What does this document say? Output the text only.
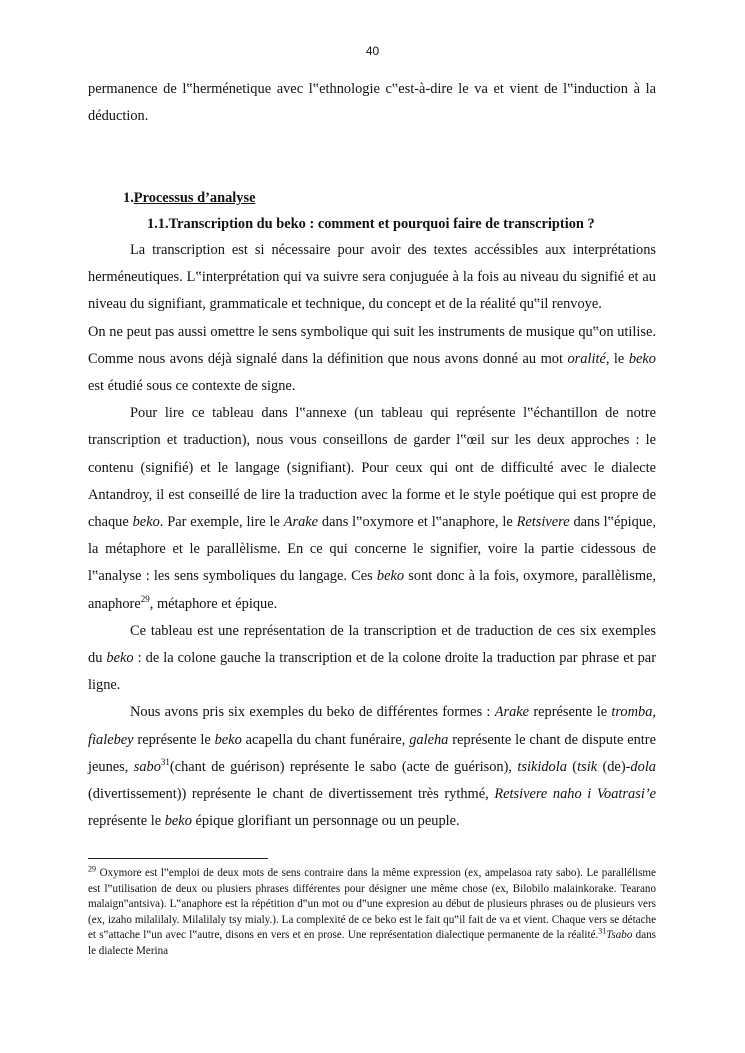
40

permanence de l‟herménetique avec l‟ethnologie c‟est-à-dire le va et vient de l‟induction à la déduction.

1.Processus d’analyse

1.1.Transcription du beko : comment et pourquoi faire de transcription ?

La transcription est si nécessaire pour avoir des textes accéssibles aux interprétations herméneutiques. L‟interprétation qui va suivre sera conjuguée à la fois au niveau du signifié et au niveau du signifiant, grammaticale et technique, du concept et de la réalité qu‟il renvoye.

On ne peut pas aussi omettre le sens symbolique qui suit les instruments de musique qu‟on utilise. Comme nous avons déjà signalé dans la définition que nous avons donné au mot oralité, le beko est étudié sous ce contexte de signe.

Pour lire ce tableau dans l‟annexe (un tableau qui représente l‟échantillon de notre transcription et traduction), nous vous conseillons de garder l‟œil sur les deux approches : le contenu (signifié) et le langage (signifiant). Pour ceux qui ont de difficulté avec le dialecte Antandroy, il est conseillé de lire la traduction avec la forme et le style poétique qui est propre de chaque beko. Par exemple, lire le Arake dans l‟oxymore et l‟anaphore, le Retsivere dans l‟épique, la métaphore et le parallèlisme. En ce qui concerne le signifier, voire la partie cidessous de l‟analyse : les sens symboliques du langage. Ces beko sont donc à la fois, oxymore, parallèlisme, anaphore$^{29}$, métaphore et épique.

Ce tableau est une représentation de la transcription et de traduction de ces six exemples du beko : de la colone gauche la transcription et de la colone droite la traduction par phrase et par ligne.

Nous avons pris six exemples du beko de différentes formes : Arake représente le tromba, fialebey représente le beko acapella du chant funéraire, galeha représente le chant de dispute entre jeunes, sabo$^{31}$(chant de guérison) représente le sabo (acte de guérison), tsikidola (tsik (de)-dola (divertissement)) représente le chant de divertissement très rythmé, Retsivere naho i Voatrasi’e représente le beko épique glorifiant un personnage ou un peuple.

$^{29}$ Oxymore est l‟emploi de deux mots de sens contraire dans la même expression (ex, ampelasoa raty sabo). Le parallélisme est l‟utilisation de deux ou plusiers phrases différentes pour désigner une même chose (ex, Bilobilo malainkorake. Tearano malaign‟antsiva). L‟anaphore est la répétition d‟un mot ou d‟une expresion au début de plusieurs phrases ou de plusieurs vers (ex, izaho milalilaly. Milalilaly tsy mialy.). La complexité de ce beko est le fait qu‟il fait de va et vient. Chaque vers se détache et s‟attache l‟un avec l‟autre, disons en vers et en prose. Une représentation dialectique permanente de la réalité.$^{31}$Tsabo dans le dialecte Merina
